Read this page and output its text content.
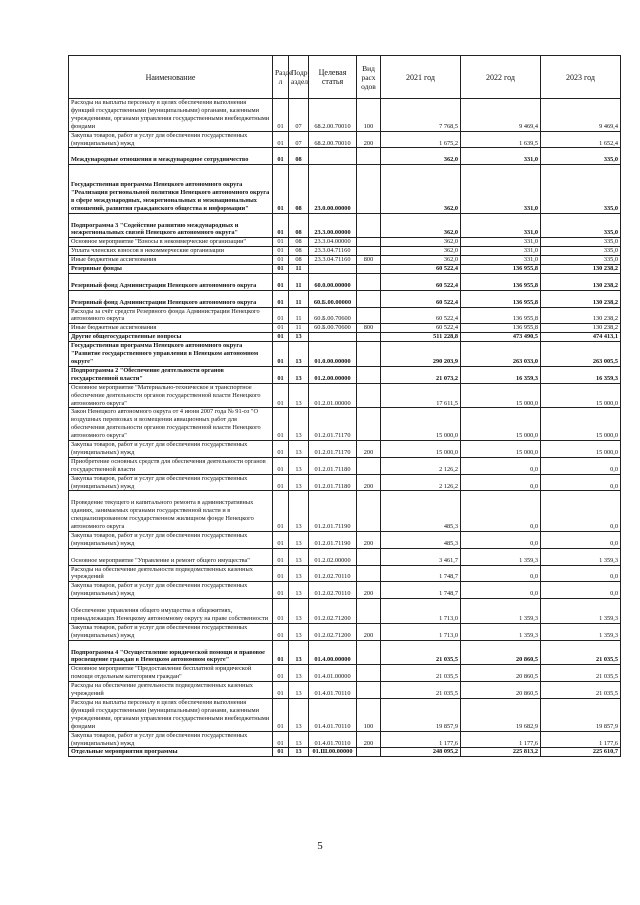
Наименование	Разде л	Подр аздел	Целевая статья	Вид расх одов	2021 год	2022 год	2023 год
Расходы на выплаты персоналу в целях обеспечения выполнения функций государственными (муниципальными) органами, казенными учреждениями, органами управления государственными внебюджетными фондами	01	07	68.2.00.70010	100	7 768,5	9 469,4	9 469,4
Закупка товаров, работ и услуг для обеспечения государственных (муниципальных) нужд	01	07	68.2.00.70010	200	1 675,2	1 639,5	1 652,4
Международные отношения и международное сотрудничество	01	08			362,0	331,0	335,0
Государственная программа Ненецкого автономного округа "Реализация региональной политики Ненецкого автономного округа в сфере международных, межрегиональных и межнациональных отношений, развития гражданского общества и информации"	01	08	23.0.00.00000		362,0	331,0	335,0
Подпрограмма 3 "Содействие развитию международных и межрегиональных связей Ненецкого автономного округа"	01	08	23.3.00.00000		362,0	331,0	335,0
Основное мероприятие "Взносы в некоммерческие организации"	01	08	23.3.04.00000		362,0	331,0	335,0
Уплата членских взносов в некоммерческие организации	01	08	23.3.04.71160		362,0	331,0	335,0
Иные бюджетные ассигнования	01	08	23.3.04.71160	800	362,0	331,0	335,0
Резервные фонды	01	11			60 522,4	136 955,8	130 238,2
Резервный фонд Администрации Ненецкого автономного округа	01	11	60.0.00.00000		60 522,4	136 955,8	130 238,2
Резервный фонд Администрации Ненецкого автономного округа	01	11	60.Б.00.00000		60 522,4	136 955,8	130 238,2
Расходы за счёт средств Резервного фонда Администрации Ненецкого автономного округа	01	11	60.Б.00.70600		60 522,4	136 955,8	130 238,2
Иные бюджетные ассигнования	01	11	60.Б.00.70600	800	60 522,4	136 955,8	130 238,2
Другие общегосударственные вопросы	01	13			511 228,8	473 490,5	474 413,1
Государственная программа Ненецкого автономного округа "Развитие государственного управления в Ненецком автономном округе"	01	13	01.0.00.00000		290 203,9	263 033,0	263 005,5
Подпрограмма 2 "Обеспечение деятельности органов государственной власти"	01	13	01.2.00.00000		21 073,2	16 359,3	16 359,3
Основное мероприятие "Материально-техническое и транспортное обеспечение деятельности органов государственной власти Ненецкого автономного округа"	01	13	01.2.01.00000		17 611,5	15 000,0	15 000,0
Закон Ненецкого автономного округа от 4 июня 2007 года № 91-оз "О воздушных перевозках и возмещении авиационных работ для обеспечения деятельности органов государственной власти Ненецкого автономного округа"	01	13	01.2.01.71170		15 000,0	15 000,0	15 000,0
Закупка товаров, работ и услуг для обеспечения государственных (муниципальных) нужд	01	13	01.2.01.71170	200	15 000,0	15 000,0	15 000,0
Приобретение основных средств для обеспечения деятельности органов государственной власти	01	13	01.2.01.71180		2 126,2	0,0	0,0
Закупка товаров, работ и услуг для обеспечения государственных (муниципальных) нужд	01	13	01.2.01.71180	200	2 126,2	0,0	0,0
Проведение текущего и капитального ремонта в административных зданиях, занимаемых органами государственной власти и в специализированном государственном жилищном фонде Ненецкого автономного округа	01	13	01.2.01.71190		485,3	0,0	0,0
Закупка товаров, работ и услуг для обеспечения государственных (муниципальных) нужд	01	13	01.2.01.71190	200	485,3	0,0	0,0
Основное мероприятие "Управление и ремонт общего имущества"	01	13	01.2.02.00000		3 461,7	1 359,3	1 359,3
Расходы на обеспечение деятельности подведомственных казенных учреждений	01	13	01.2.02.70110		1 748,7	0,0	0,0
Закупка товаров, работ и услуг для обеспечения государственных (муниципальных) нужд	01	13	01.2.02.70110	200	1 748,7	0,0	0,0
Обеспечение управления общего имущества в общежитиях, принадлежащих Ненецкому автономному округу на праве собственности	01	13	01.2.02.71200		1 713,0	1 359,3	1 359,3
Закупка товаров, работ и услуг для обеспечения государственных (муниципальных) нужд	01	13	01.2.02.71200	200	1 713,0	1 359,3	1 359,3
Подпрограмма 4 "Осуществление юридической помощи и правовое просвещение граждан в Ненецком автономном округе"	01	13	01.4.00.00000		21 035,5	20 860,5	21 035,5
Основное мероприятие "Предоставление бесплатной юридической помощи отдельным категориям граждан"	01	13	01.4.01.00000		21 035,5	20 860,5	21 035,5
Расходы на обеспечение деятельности подведомственных казенных учреждений	01	13	01.4.01.70110		21 035,5	20 860,5	21 035,5
Расходы на выплаты персоналу в целях обеспечения выполнения функций государственными (муниципальными) органами, казенными учреждениями, органами управления государственными внебюджетными фондами	01	13	01.4.01.70110	100	19 857,9	19 682,9	19 857,9
Закупка товаров, работ и услуг для обеспечения государственных (муниципальных) нужд	01	13	01.4.01.70110	200	1 177,6	1 177,6	1 177,6
Отдельные мероприятия программы	01	13	01.Ш.00.00000		248 095,2	225 813,2	225 610,7
5
